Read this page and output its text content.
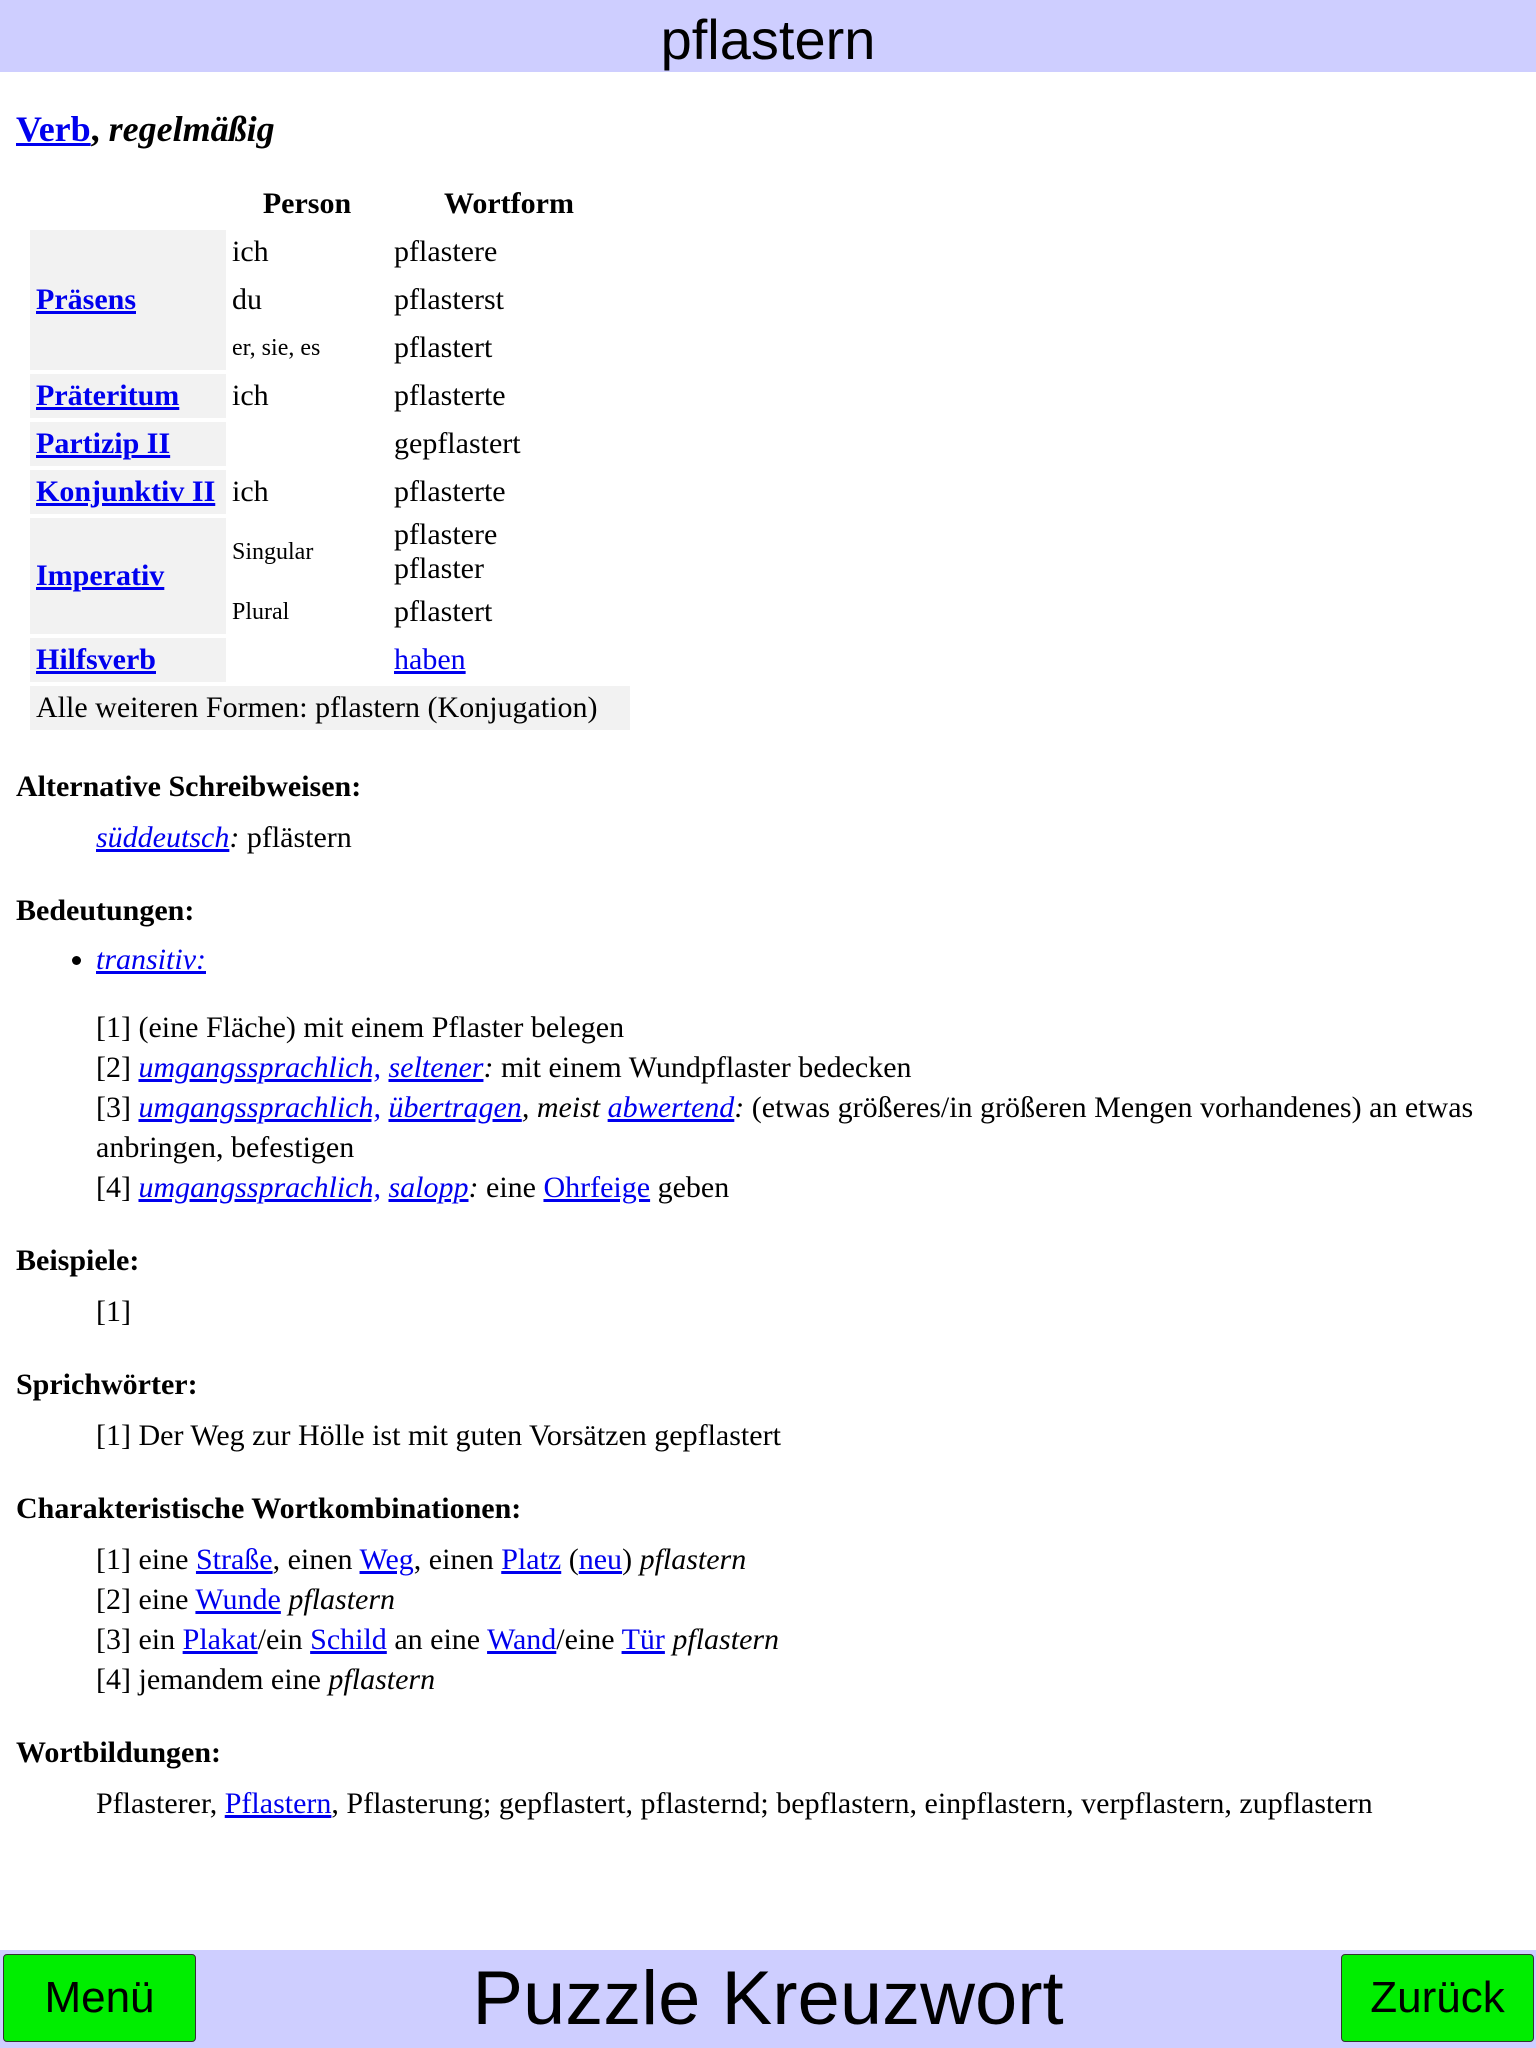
pflastern
Verb, regelmäßig
	Person	Wortform
Präsens	ich	pflastere
	du	pflasterst
	er, sie, es	pflastert
Präteritum	ich	pflasterte
Partizip II		gepflastert
Konjunktiv II	ich	pflasterte
Imperativ	Singular	pflastere
pflaster

	Plural	pflastert
Hilfsverb		haben
Alle weiteren Formen: pflastern (Konjugation)		
Alternative Schreibweisen:
süddeutsch: pflästern
Bedeutungen:
• transitiv:
[1] (eine Fläche) mit einem Pflaster belegen
[2] umgangssprachlich, seltener: mit einem Wundpflaster bedecken
[3] umgangssprachlich, übertragen, meist abwertend: (etwas größeres/in größeren Mengen vorhandenes) an etwas anbringen, befestigen
[4] umgangssprachlich, salopp: eine Ohrfeige geben
Beispiele:
[1]
Sprichwörter:
[1] Der Weg zur Hölle ist mit guten Vorsätzen gepflastert
Charakteristische Wortkombinationen:
[1] eine Straße, einen Weg, einen Platz (neu) pflastern
[2] eine Wunde pflastern
[3] ein Plakat/ein Schild an eine Wand/eine Tür pflastern
[4] jemandem eine pflastern
Wortbildungen:
Pflasterer, Pflastern, Pflasterung; gepflastert, pflasternd; bepflastern, einpflastern, verpflastern, zupflastern
Menü	Puzzle Kreuzwort	Zurück
